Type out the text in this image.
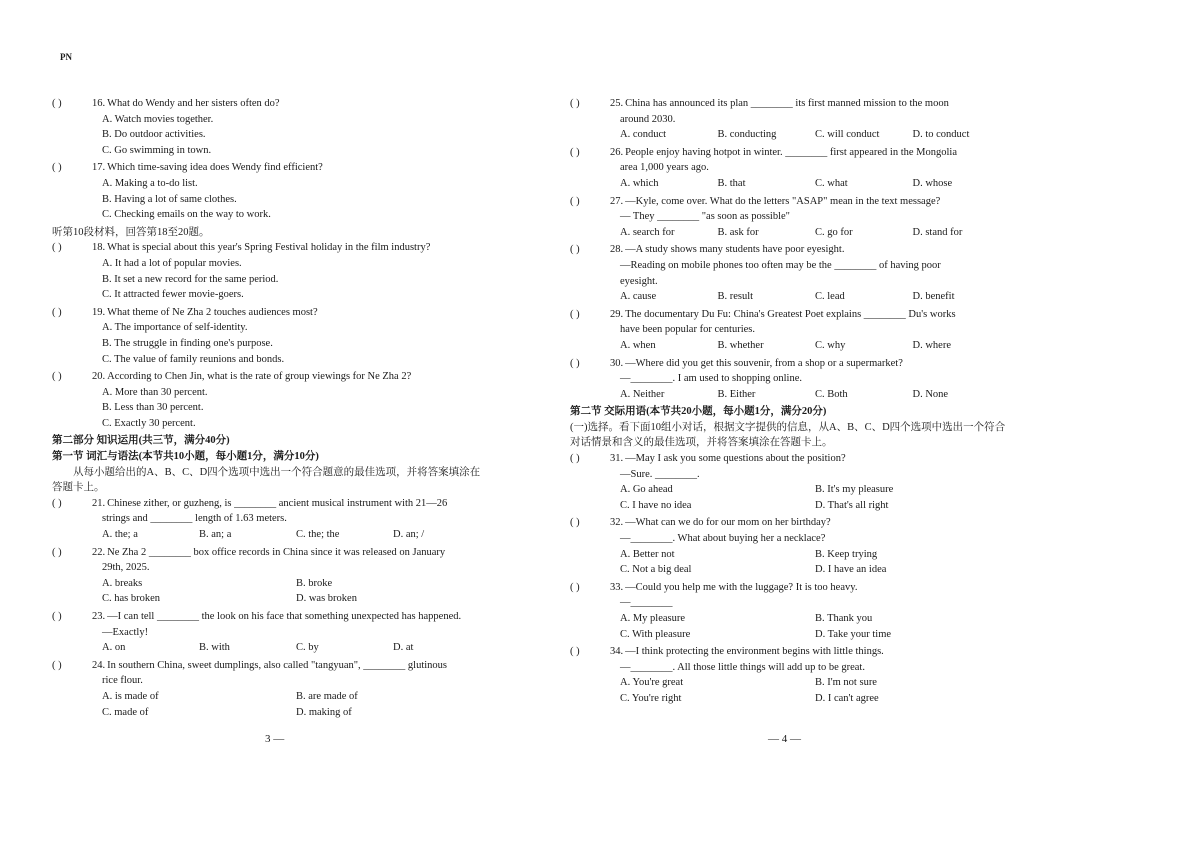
PN
( )	16. What do Wendy and her sisters often do?
A. Watch movies together.
B. Do outdoor activities.
C. Go swimming in town.
( )	17. Which time-saving idea does Wendy find efficient?
A. Making a to-do list.
B. Having a lot of same clothes.
C. Checking emails on the way to work.
听第10段材料，回答第18至20题。
( )	18. What is special about this year's Spring Festival holiday in the film industry?
A. It had a lot of popular movies.
B. It set a new record for the same period.
C. It attracted fewer movie-goers.
( )	19. What theme of Ne Zha 2 touches audiences most?
A. The importance of self-identity.
B. The struggle in finding one's purpose.
C. The value of family reunions and bonds.
( )	20. According to Chen Jin, what is the rate of group viewings for Ne Zha 2?
A. More than 30 percent.
B. Less than 30 percent.
C. Exactly 30 percent.
第二部分 知识运用(共三节，满分40分)
第一节 词汇与语法(本节共10小题，每小题1分，满分10分)
从每小题给出的A、B、C、D四个选项中选出一个符合题意的最佳选项，并将答案填涂在答题卡上。
( )	21. Chinese zither, or guzheng, is ________ ancient musical instrument with 21—26
strings and ________ length of 1.63 meters.
A. the; a	B. an; a	C. the; the	D. an; /
( )	22. Ne Zha 2 ________ box office records in China since it was released on January
29th, 2025.
A. breaks	B. broke
C. has broken	D. was broken
( )	23. —I can tell ________ the look on his face that something unexpected has happened.
—Exactly!
A. on	B. with	C. by	D. at
( )	24. In southern China, sweet dumplings, also called "tangyuan", ________ glutinous
rice flour.
A. is made of	B. are made of
C. made of	D. making of
3 —
( )	25. China has announced its plan ________ its first manned mission to the moon
around 2030.
A. conduct	B. conducting	C. will conduct	D. to conduct
( )	26. People enjoy having hotpot in winter. ________ first appeared in the Mongolia
area 1,000 years ago.
A. which	B. that	C. what	D. whose
( )	27. —Kyle, come over. What do the letters "ASAP" mean in the text message?
— They ________ "as soon as possible"
A. search for	B. ask for	C. go for	D. stand for
( )	28. —A study shows many students have poor eyesight.
—Reading on mobile phones too often may be the ________ of having poor
eyesight.
A. cause	B. result	C. lead	D. benefit
( )	29. The documentary Du Fu: China's Greatest Poet explains ________ Du's works
have been popular for centuries.
A. when	B. whether	C. why	D. where
( )	30. —Where did you get this souvenir, from a shop or a supermarket?
—________. I am used to shopping online.
A. Neither	B. Either	C. Both	D. None
第二节 交际用语(本节共20小题，每小题1分，满分20分)
(一)选择。看下面10组小对话，根据文字提供的信息，从A、B、C、D四个选项中选出一个符合对话情景和含义的最佳选项，并将答案填涂在答题卡上。
( )	31. —May I ask you some questions about the position?
—Sure. ________.
A. Go ahead	B. It's my pleasure
C. I have no idea	D. That's all right
( )	32. —What can we do for our mom on her birthday?
—________. What about buying her a necklace?
A. Better not	B. Keep trying
C. Not a big deal	D. I have an idea
( )	33. —Could you help me with the luggage? It is too heavy.
—________
A. My pleasure	B. Thank you
C. With pleasure	D. Take your time
( )	34. —I think protecting the environment begins with little things.
—________. All those little things will add up to be great.
A. You're great	B. I'm not sure
C. You're right	D. I can't agree
— 4 —
